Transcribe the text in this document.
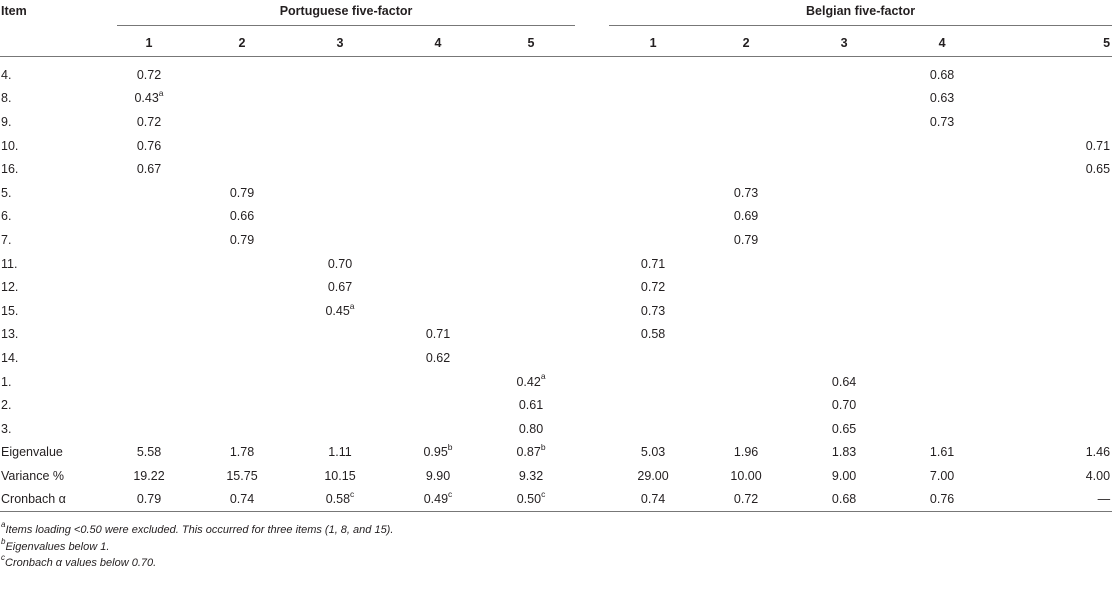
Item	Portuguese five-factor						Belgian five-factor				

	1	2	3	4	5		1	2	3	4	5
4.	0.72									0.68	
8.	0.43$^a$									0.63	
9.	0.72									0.73	
10.	0.76										0.71
16.	0.67										0.65
5.		0.79						0.73			
6.		0.66						0.69			
7.		0.79						0.79			
11.			0.70				0.71				
12.			0.67				0.72				
15.			0.45$^a$				0.73				
13.				0.71			0.58				
14.				0.62							
1.					0.42$^a$				0.64		
2.					0.61				0.70		
3.					0.80				0.65		
Eigenvalue	5.58	1.78	1.11	0.95$^b$	0.87$^b$		5.03	1.96	1.83	1.61	1.46
Variance %	19.22	15.75	10.15	9.90	9.32		29.00	10.00	9.00	7.00	4.00
Cronbach α	0.79	0.74	0.58$^c$	0.49$^c$	0.50$^c$		0.74	0.72	0.68	0.76	—
$^a$Items loading <0.50 were excluded. This occurred for three items (1, 8, and 15).
$^b$Eigenvalues below 1.
$^c$Cronbach α values below 0.70.
